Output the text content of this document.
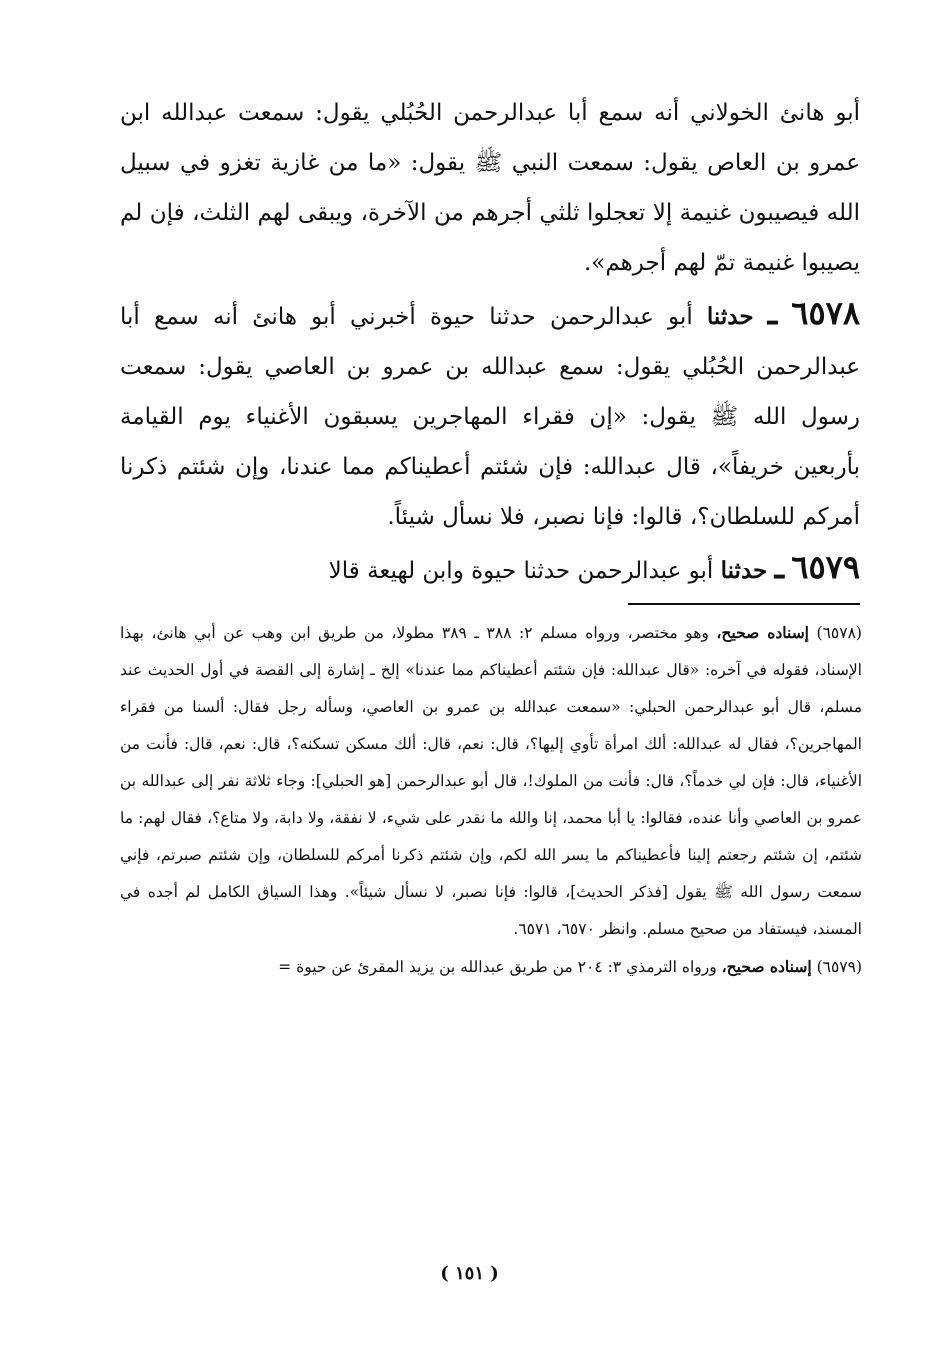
أبو هانئ الخولاني أنه سمع أبا عبدالرحمن الحُبُلي يقول: سمعت عبدالله ابن عمرو بن العاص يقول: سمعت النبي ﷺ يقول: «ما من غازية تغزو في سبيل الله فيصيبون غنيمة إلا تعجلوا ثلثي أجرهم من الآخرة، ويبقى لهم الثلث، فإن لم يصيبوا غنيمة تمّ لهم أجرهم».

٦٥٧٨ ـ حدثنا أبو عبدالرحمن حدثنا حيوة أخبرني أبو هانئ أنه سمع أبا عبدالرحمن الحُبُلي يقول: سمع عبدالله بن عمرو بن العاصي يقول: سمعت رسول الله ﷺ يقول: «إن فقراء المهاجرين يسبقون الأغنياء يوم القيامة بأربعين خريفاً»، قال عبدالله: فإن شئتم أعطيناكم مما عندنا، وإن شئتم ذكرنا أمركم للسلطان؟، قالوا: فإنا نصبر، فلا نسأل شيئاً.

٦٥٧٩ ـ حدثنا أبو عبدالرحمن حدثنا حيوة وابن لهيعة قالا

(٦٥٧٨) إسناده صحيح، وهو مختصر، ورواه مسلم ٢: ٣٨٨ ـ ٣٨٩ مطولا، من طريق ابن وهب عن أبي هانئ، بهذا الإسناد، فقوله في آخره: «قال عبدالله: فإن شئتم أعطيناكم مما عندنا» إلخ ـ إشارة إلى القصة في أول الحديث عند مسلم، قال أبو عبدالرحمن الحبلي: «سمعت عبدالله بن عمرو بن العاصي، وسأله رجل فقال: ألسنا من فقراء المهاجرين؟، فقال له عبدالله: ألك امرأة تأوي إليها؟، قال: نعم، قال: ألك مسكن تسكنه؟، قال: نعم، قال: فأنت من الأغنياء، قال: فإن لي خدماً؟، قال: فأنت من الملوك!، قال أبو عبدالرحمن [هو الحبلي]: وجاء ثلاثة نفر إلى عبدالله بن عمرو بن العاصي وأنا عنده، فقالوا: يا أبا محمد، إنا والله ما نقدر على شيء، لا نفقة، ولا دابة، ولا متاع؟، فقال لهم: ما شئتم، إن شئتم رجعتم إلينا فأعطيناكم ما يسر الله لكم، وإن شئتم ذكرنا أمركم للسلطان، وإن شئتم صبرتم، فإني سمعت رسول الله ﷺ يقول [فذكر الحديث]، قالوا: فإنا نصبر، لا نسأل شيئاً». وهذا السياق الكامل لم أجده في المسند، فيستفاد من صحيح مسلم. وانظر ٦٥٧٠، ٦٥٧١.

(٦٥٧٩) إسناده صحيح، ورواه الترمذي ٣: ٢٠٤ من طريق عبدالله بن يزيد المقرئ عن حيوة =

( ١٥١ )
